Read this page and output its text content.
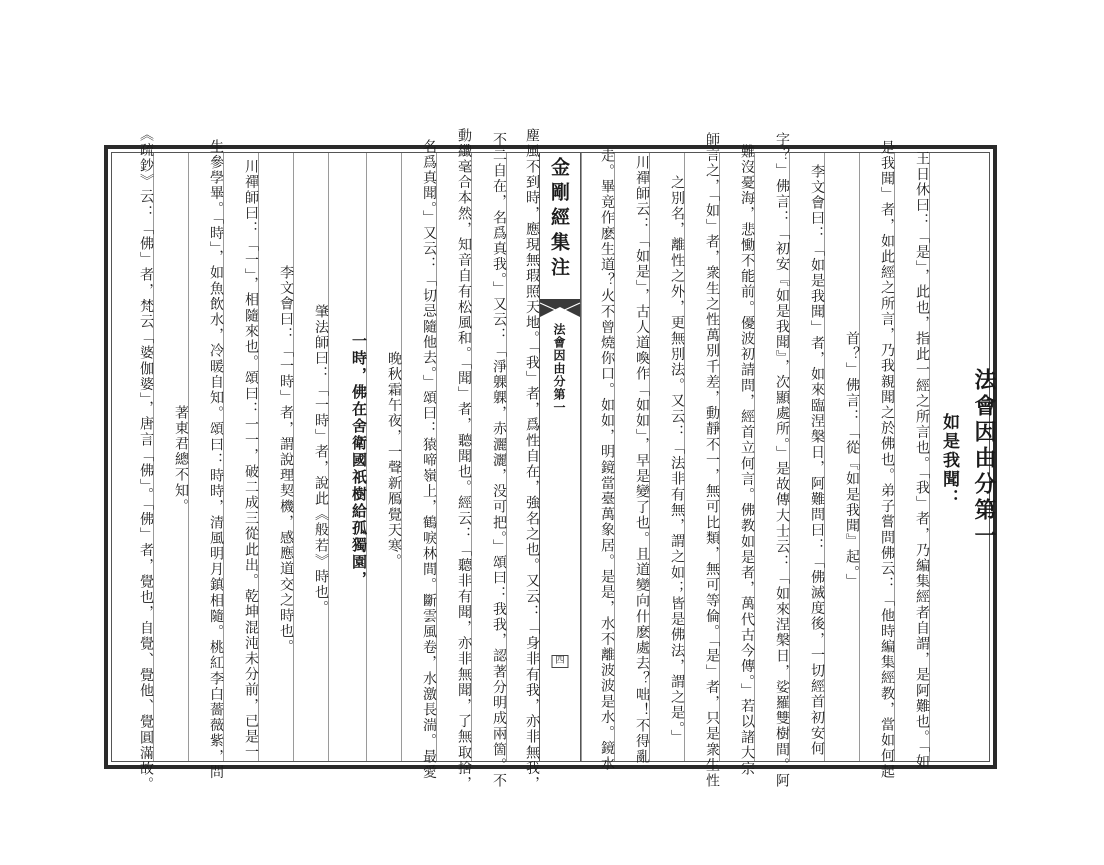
法會因由分第一
如是我聞：
王日休曰：「是」，此也，指此一經之所言也。「我」者，乃編集經者自謂，是阿難也。「如
是我聞」者，如此經之所言，乃我親聞之於佛也。弟子嘗問佛云：「他時編集經教，當如何起
首？」佛言：「從『如是我聞』起。」
李文會曰：「如是我聞」者，如來臨涅槃日，阿難問曰：「佛滅度後，一切經首初安何
字？」佛言：「初安『如是我聞』，次顯處所。」是故傳大士云：「如來涅槃日，娑羅雙樹間。阿
難沒憂海，悲慟不能前。優波初請問，經首立何言。佛教如是者，萬代古今傳。」若以諸大宗
師言之，「如」者，衆生之性萬別千差，動靜不一，無可比類，無可等倫。「是」者，只是衆生性
之別名，離性之外，更無別法。又云：「法非有無，謂之如；皆是佛法，謂之是。」
川禪師云：「如是」，古人道喚作「如如」，早是變了也。且道變向什麽處去？咄！不得亂
走。畢竟作麽生道？火不曾燒你口。如如，明鏡當臺萬象居。是是，水不離波波是水。鏡水
金剛經集注
法會因由分第一
四
塵風不到時，應現無瑕照天地。「我」者，爲性自在，強名之也。又云：「身非有我，亦非無我，
不二自在，名爲真我。」又云：「淨躶躶，赤灑灑，没可把。」頌曰：我我，認著分明成兩箇。不
動纖毫合本然，知音自有松風和。「聞」者，聽聞也。經云：「聽非有聞，亦非無聞，了無取捨，
名爲真聞。」又云：「切忌隨他去。」頌曰：猿啼嶺上，鶴唳林間。斷雲風卷，水激長湍。最愛
晚秋霜午夜，一聲新鴈覺天寒。
一時，佛在舍衛國祇樹給孤獨園，
肇法師曰：「一時」者，說此《般若》時也。
李文會曰：「一時」者，謂說理契機，感應道交之時也。
川禪師曰：「一」，相隨來也。頌曰：一一，破二成三從此出。乾坤混沌未分前，已是一
生參學畢。「時」，如魚飲水，冷暖自知。頌曰：時時，清風明月鎮相隨。桃紅李白薔薇紫，問
著東君總不知。
《疏鈔》云：「佛」者，梵云「婆伽婆」，唐言「佛」。「佛」者，覺也，自覺、覺他、覺圓滿故。
